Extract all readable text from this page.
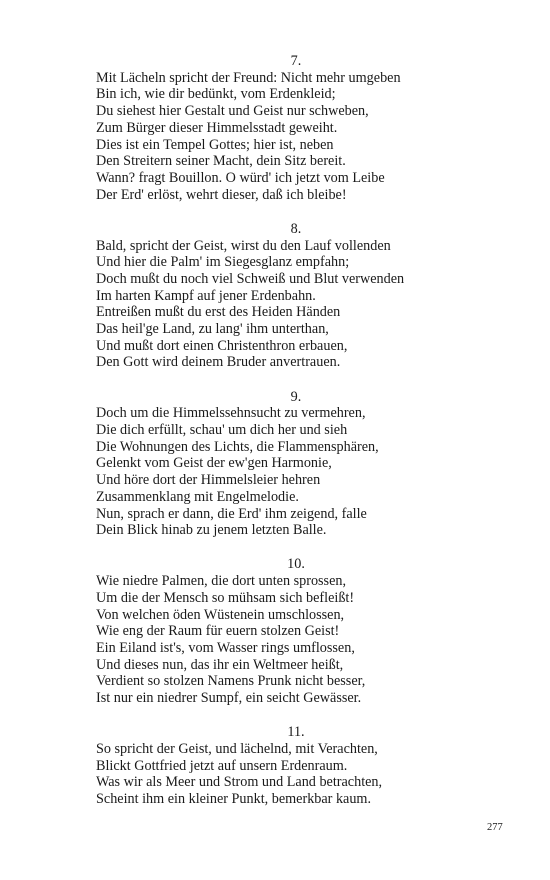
7.

Mit Lächeln spricht der Freund: Nicht mehr umgeben

Bin ich, wie dir bedünkt, vom Erdenkleid;

Du siehest hier Gestalt und Geist nur schweben,

Zum Bürger dieser Himmelsstadt geweiht.

Dies ist ein Tempel Gottes; hier ist, neben

Den Streitern seiner Macht, dein Sitz bereit.

Wann? fragt Bouillon. O würd' ich jetzt vom Leibe

Der Erd' erlöst, wehrt dieser, daß ich bleibe!

8.

Bald, spricht der Geist, wirst du den Lauf vollenden

Und hier die Palm' im Siegesglanz empfahn;

Doch mußt du noch viel Schweiß und Blut verwenden

Im harten Kampf auf jener Erdenbahn.

Entreißen mußt du erst des Heiden Händen

Das heil'ge Land, zu lang' ihm unterthan,

Und mußt dort einen Christenthron erbauen,

Den Gott wird deinem Bruder anvertrauen.

9.

Doch um die Himmelssehnsucht zu vermehren,

Die dich erfüllt, schau' um dich her und sieh

Die Wohnungen des Lichts, die Flammensphären,

Gelenkt vom Geist der ew'gen Harmonie,

Und höre dort der Himmelsleier hehren

Zusammenklang mit Engelmelodie.

Nun, sprach er dann, die Erd' ihm zeigend, falle

Dein Blick hinab zu jenem letzten Balle.

10.

Wie niedre Palmen, die dort unten sprossen,

Um die der Mensch so mühsam sich befleißt!

Von welchen öden Wüstenein umschlossen,

Wie eng der Raum für euern stolzen Geist!

Ein Eiland ist's, vom Wasser rings umflossen,

Und dieses nun, das ihr ein Weltmeer heißt,

Verdient so stolzen Namens Prunk nicht besser,

Ist nur ein niedrer Sumpf, ein seicht Gewässer.

11.

So spricht der Geist, und lächelnd, mit Verachten,

Blickt Gottfried jetzt auf unsern Erdenraum.

Was wir als Meer und Strom und Land betrachten,

Scheint ihm ein kleiner Punkt, bemerkbar kaum.

277
